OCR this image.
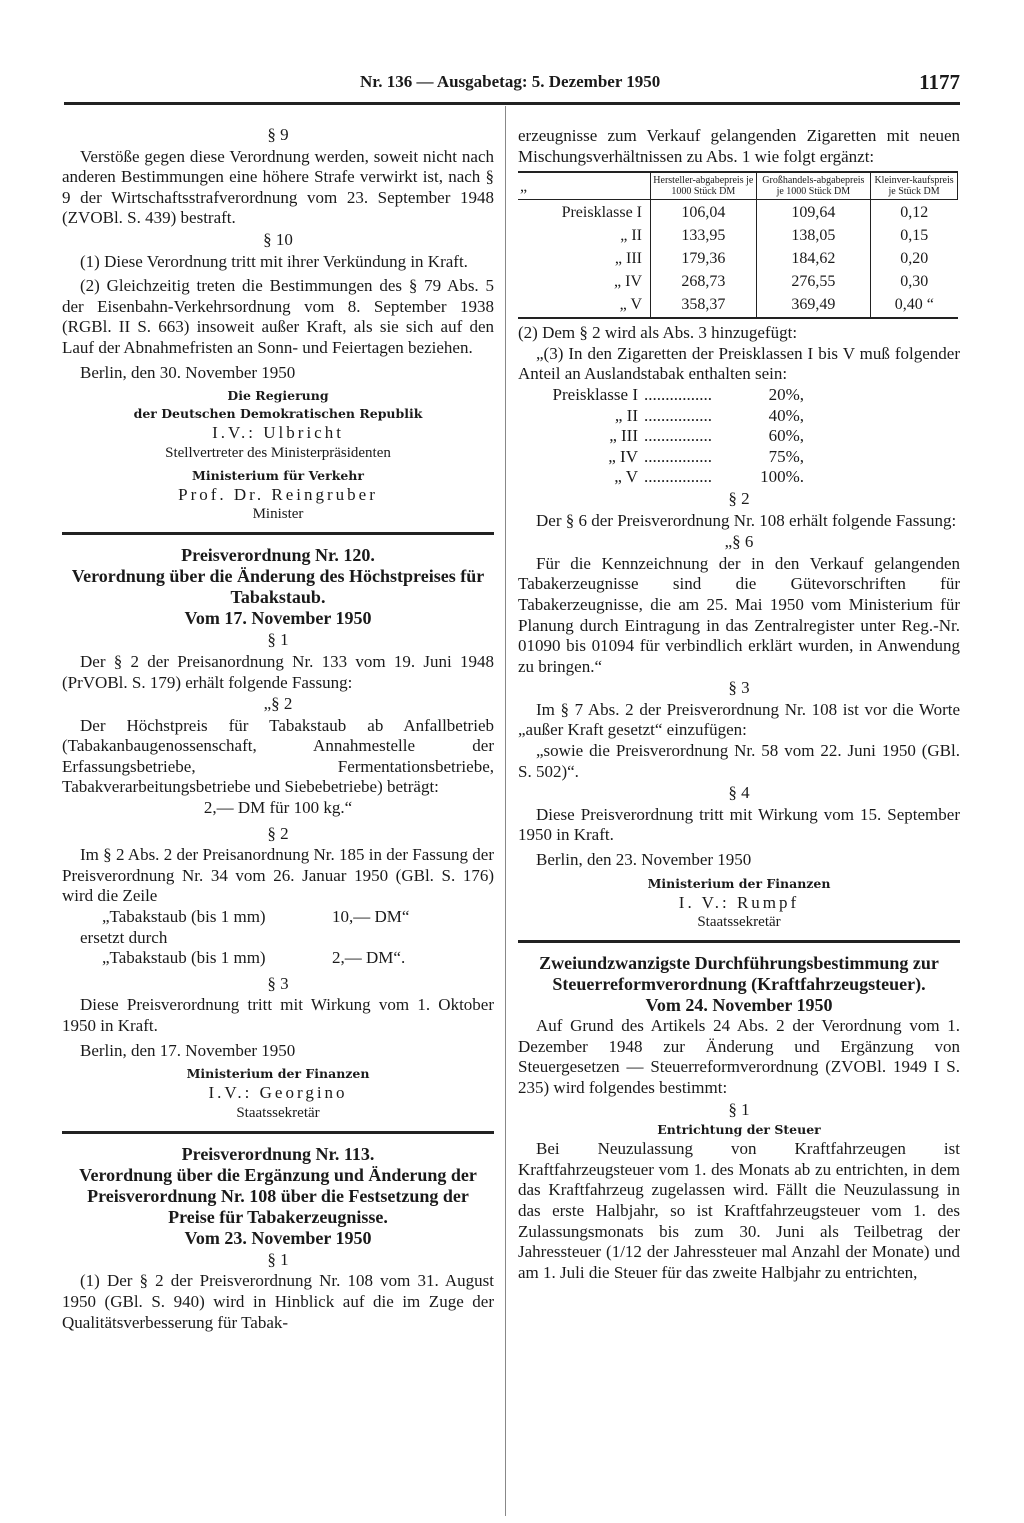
Nr. 136 — Ausgabetag: 5. Dezember 1950	1177

§ 9

Verstöße gegen diese Verordnung werden, soweit nicht nach anderen Bestimmungen eine höhere Strafe verwirkt ist, nach § 9 der Wirtschaftsstrafverordnung vom 23. September 1948 (ZVOBl. S. 439) bestraft.

§ 10

(1) Diese Verordnung tritt mit ihrer Verkündung in Kraft.

(2) Gleichzeitig treten die Bestimmungen des § 79 Abs. 5 der Eisenbahn-Verkehrsordnung vom 8. September 1938 (RGBl. II S. 663) insoweit außer Kraft, als sie sich auf den Lauf der Abnahmefristen an Sonn- und Feiertagen beziehen.

Berlin, den 30. November 1950

Die Regierung

der Deutschen Demokratischen Republik

I.V.: Ulbricht

Stellvertreter des Ministerpräsidenten

Ministerium für Verkehr

Prof. Dr. Reingruber

Minister

Preisverordnung Nr. 120.

Verordnung über die Änderung des Höchstpreises für Tabakstaub.

Vom 17. November 1950

§ 1

Der § 2 der Preisanordnung Nr. 133 vom 19. Juni 1948 (PrVOBl. S. 179) erhält folgende Fassung:

„§ 2

Der Höchstpreis für Tabakstaub ab Anfallbetrieb (Tabakanbaugenossenschaft, Annahmestelle der Erfassungsbetriebe, Fermentationsbetriebe, Tabakverarbeitungsbetriebe und Siebebetriebe) beträgt:

2,— DM für 100 kg.“

§ 2

Im § 2 Abs. 2 der Preisanordnung Nr. 185 in der Fassung der Preisverordnung Nr. 34 vom 26. Januar 1950 (GBl. S. 176) wird die Zeile

„Tabakstaub (bis 1 mm)	10,— DM“

ersetzt durch

„Tabakstaub (bis 1 mm)	2,— DM“.

§ 3

Diese Preisverordnung tritt mit Wirkung vom 1. Oktober 1950 in Kraft.

Berlin, den 17. November 1950

Ministerium der Finanzen

I.V.: Georgino

Staatssekretär

Preisverordnung Nr. 113.

Verordnung über die Ergänzung und Änderung der Preisverordnung Nr. 108 über die Festsetzung der Preise für Tabakerzeugnisse.

Vom 23. November 1950

§ 1

(1) Der § 2 der Preisverordnung Nr. 108 vom 31. August 1950 (GBl. S. 940) wird in Hinblick auf die im Zuge der Qualitätsverbesserung für Tabak-

erzeugnisse zum Verkauf gelangenden Zigaretten mit neuen Mischungsverhältnissen zu Abs. 1 wie folgt ergänzt:

„	Hersteller-abgabepreis je 1000 Stück DM	Großhandels-abgabepreis je 1000 Stück DM	Kleinver-kaufspreis je Stück DM
Preisklasse I	106,04	109,64	0,12
„ II	133,95	138,05	0,15
„ III	179,36	184,62	0,20
„ IV	268,73	276,55	0,30
„ V	358,37	369,49	0,40 “

(2) Dem § 2 wird als Abs. 3 hinzugefügt:

„(3) In den Zigaretten der Preisklassen I bis V muß folgender Anteil an Auslandstabak enthalten sein:

Preisklasse I ................	20%,
„ II ................	40%,
„ III ................	60%,
„ IV ................	75%,
„ V ................	100%.

§ 2

Der § 6 der Preisverordnung Nr. 108 erhält folgende Fassung:

„§ 6

Für die Kennzeichnung der in den Verkauf gelangenden Tabakerzeugnisse sind die Gütevorschriften für Tabakerzeugnisse, die am 25. Mai 1950 vom Ministerium für Planung durch Eintragung in das Zentralregister unter Reg.-Nr. 01090 bis 01094 für verbindlich erklärt wurden, in Anwendung zu bringen.“

§ 3

Im § 7 Abs. 2 der Preisverordnung Nr. 108 ist vor die Worte „außer Kraft gesetzt“ einzufügen:

„sowie die Preisverordnung Nr. 58 vom 22. Juni 1950 (GBl. S. 502)“.

§ 4

Diese Preisverordnung tritt mit Wirkung vom 15. September 1950 in Kraft.

Berlin, den 23. November 1950

Ministerium der Finanzen

I. V.: Rumpf

Staatssekretär

Zweiundzwanzigste Durchführungsbestimmung zur Steuerreformverordnung (Kraftfahrzeugsteuer).

Vom 24. November 1950

Auf Grund des Artikels 24 Abs. 2 der Verordnung vom 1. Dezember 1948 zur Änderung und Ergänzung von Steuergesetzen — Steuerreformverordnung (ZVOBl. 1949 I S. 235) wird folgendes bestimmt:

§ 1

Entrichtung der Steuer

Bei Neuzulassung von Kraftfahrzeugen ist Kraftfahrzeugsteuer vom 1. des Monats ab zu entrichten, in dem das Kraftfahrzeug zugelassen wird. Fällt die Neuzulassung in das erste Halbjahr, so ist Kraftfahrzeugsteuer vom 1. des Zulassungsmonats bis zum 30. Juni als Teilbetrag der Jahressteuer (1/12 der Jahressteuer mal Anzahl der Monate) und am 1. Juli die Steuer für das zweite Halbjahr zu entrichten,
